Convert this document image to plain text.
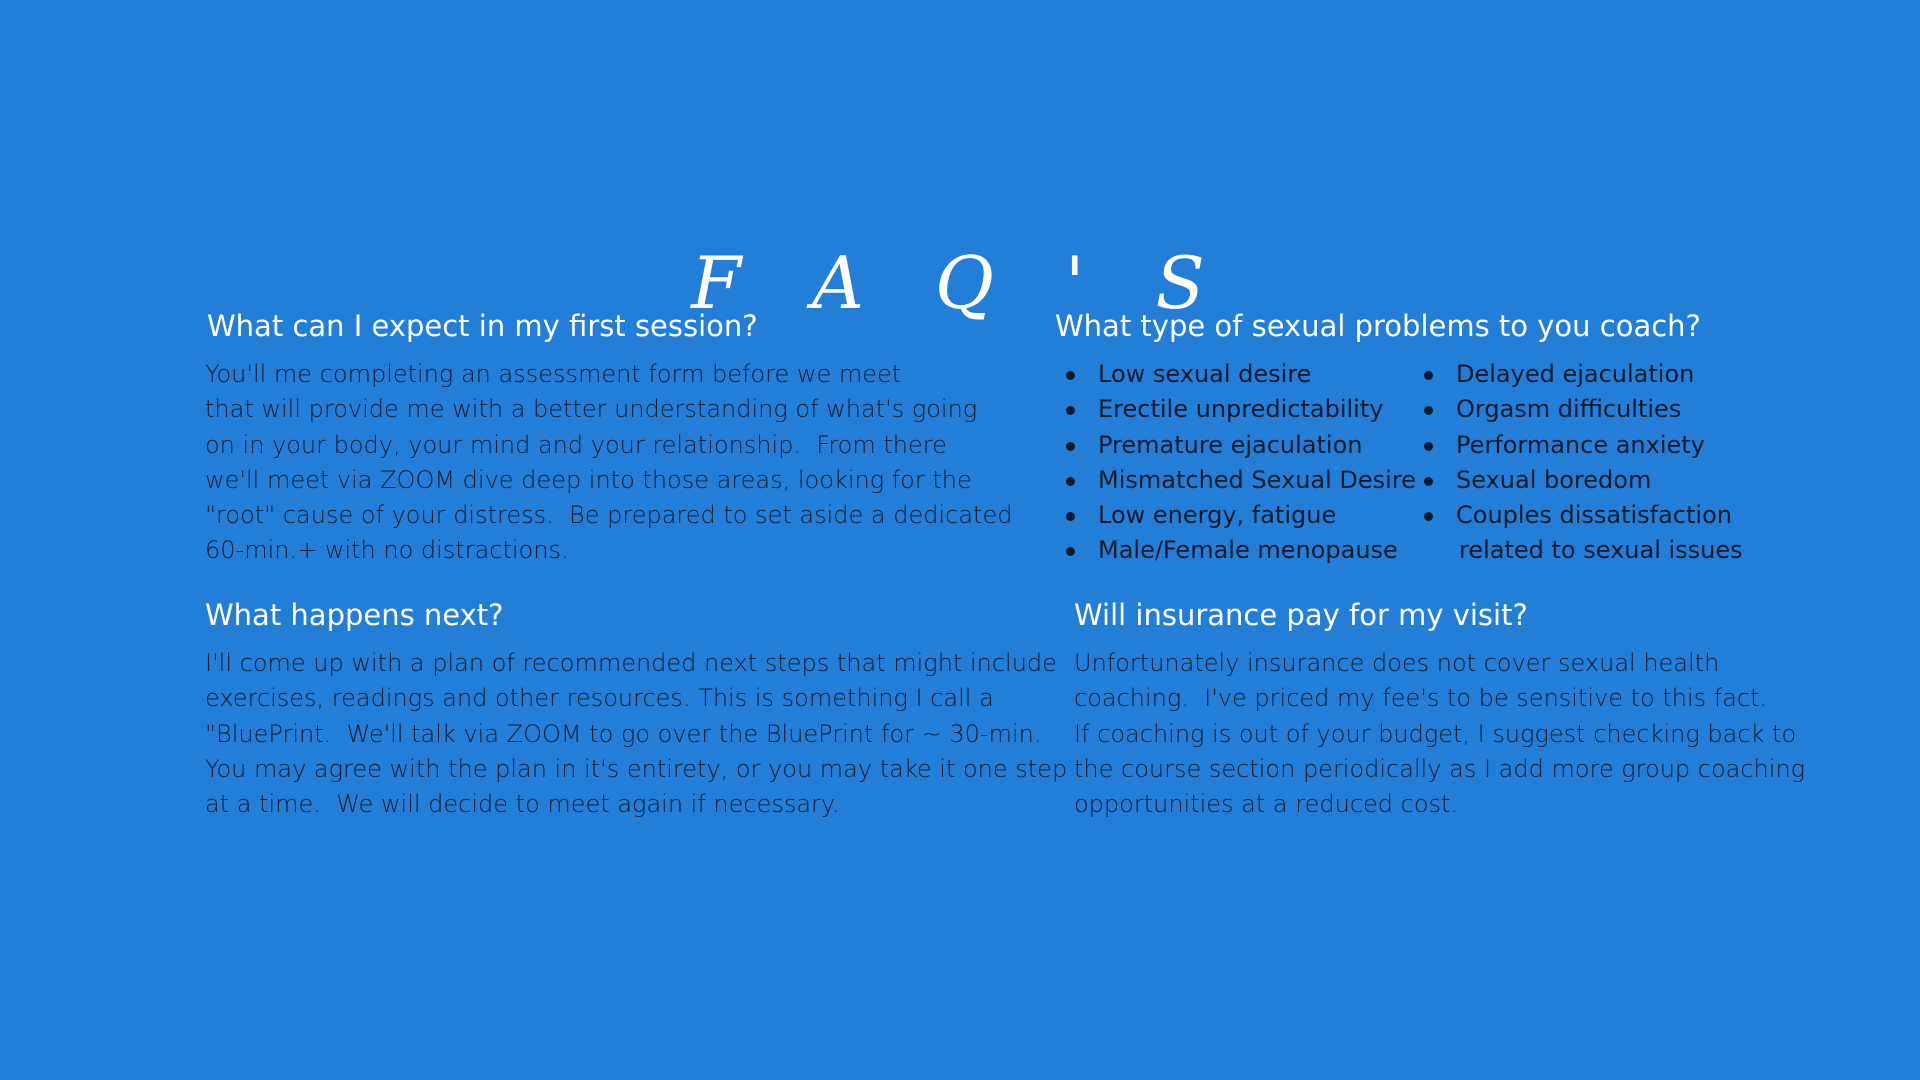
F A Q ' S
What can I expect in my first session?
You'll me completing an assessment form before we meet
that will provide me with a better understanding of what's going
on in your body, your mind and your relationship.  From there
we'll meet via ZOOM dive deep into those areas, looking for the
"root" cause of your distress.  Be prepared to set aside a dedicated
60-min.+ with no distractions.
What type of sexual problems to you coach?
Low sexual desire
Erectile unpredictability
Premature ejaculation
Mismatched Sexual Desire
Low energy, fatigue
Male/Female menopause
Delayed ejaculation
Orgasm difficulties
Performance anxiety
Sexual boredom
Couples dissatisfaction
related to sexual issues
What happens next?
I'll come up with a plan of recommended next steps that might include
exercises, readings and other resources. This is something I call a
"BluePrint.  We'll talk via ZOOM to go over the BluePrint for ~ 30-min.
You may agree with the plan in it's entirety, or you may take it one step
at a time.  We will decide to meet again if necessary.
Will insurance pay for my visit?
Unfortunately insurance does not cover sexual health
coaching.  I've priced my fee's to be sensitive to this fact.
If coaching is out of your budget, I suggest checking back to
the course section periodically as I add more group coaching
opportunities at a reduced cost.
